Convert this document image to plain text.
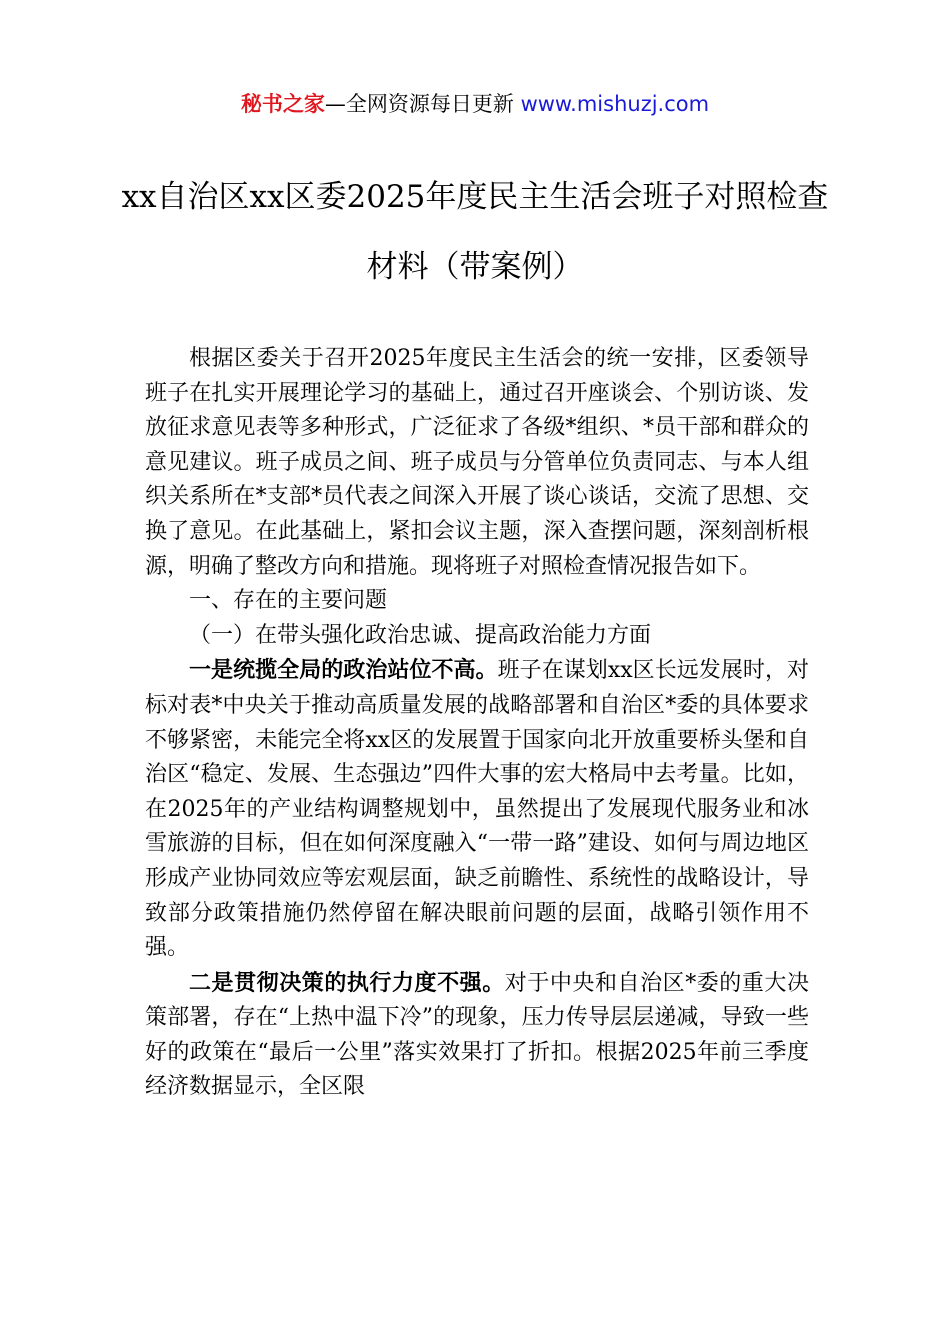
秘书之家—全网资源每日更新 www.mishuzj.com
xx自治区xx区委2025年度民主生活会班子对照检查材料（带案例）

根据区委关于召开2025年度民主生活会的统一安排，区委领导班子在扎实开展理论学习的基础上，通过召开座谈会、个别访谈、发放征求意见表等多种形式，广泛征求了各级*组织、*员干部和群众的意见建议。班子成员之间、班子成员与分管单位负责同志、与本人组织关系所在*支部*员代表之间深入开展了谈心谈话，交流了思想、交换了意见。在此基础上，紧扣会议主题，深入查摆问题，深刻剖析根源，明确了整改方向和措施。现将班子对照检查情况报告如下。

一、存在的主要问题

（一）在带头强化政治忠诚、提高政治能力方面

一是统揽全局的政治站位不高。班子在谋划xx区长远发展时，对标对表*中央关于推动高质量发展的战略部署和自治区*委的具体要求不够紧密，未能完全将xx区的发展置于国家向北开放重要桥头堡和自治区“稳定、发展、生态强边”四件大事的宏大格局中去考量。比如，在2025年的产业结构调整规划中，虽然提出了发展现代服务业和冰雪旅游的目标，但在如何深度融入“一带一路”建设、如何与周边地区形成产业协同效应等宏观层面，缺乏前瞻性、系统性的战略设计，导致部分政策措施仍然停留在解决眼前问题的层面，战略引领作用不强。

二是贯彻决策的执行力度不强。对于中央和自治区*委的重大决策部署，存在“上热中温下冷”的现象，压力传导层层递减，导致一些好的政策在“最后一公里”落实效果打了折扣。根据2025年前三季度经济数据显示，全区限
